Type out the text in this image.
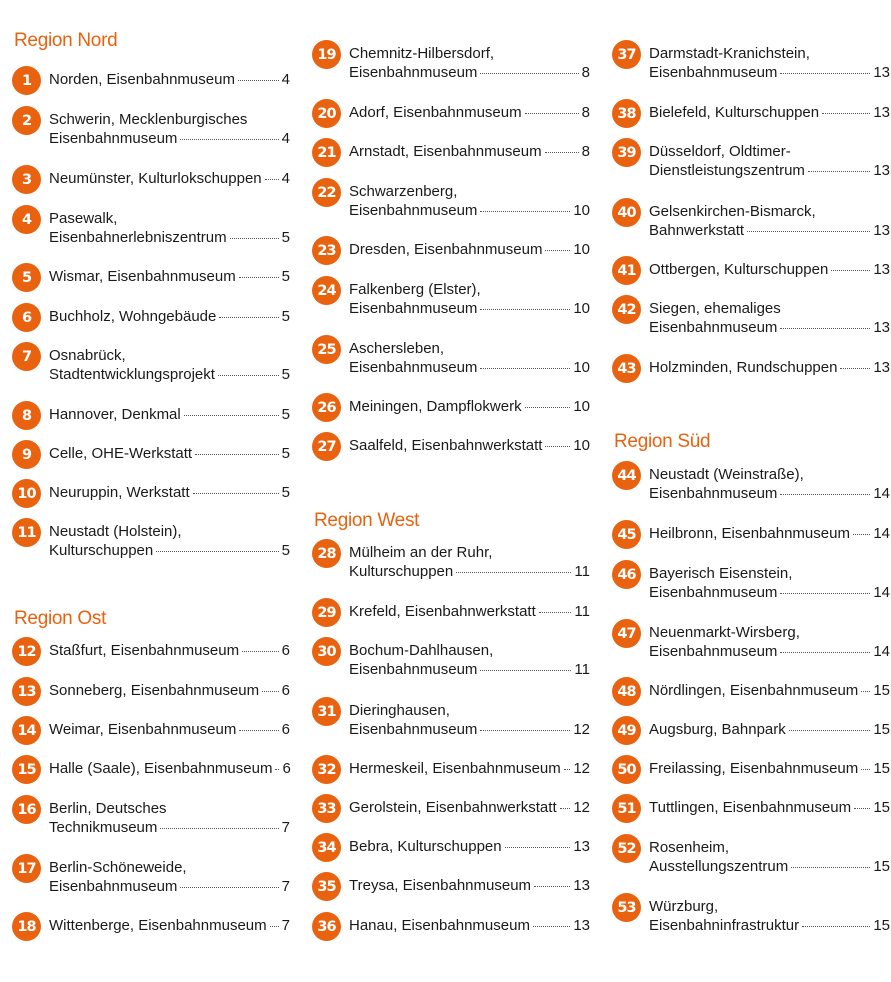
Region Nord
1	Norden, Eisenbahnmuseum	4
2	Schwerin, Mecklenburgisches
Eisenbahnmuseum	4
3	Neumünster, Kulturlokschuppen 4
4	Pasewalk,
Eisenbahnerlebniszentrum	5
5	Wismar, Eisenbahnmuseum	5
6	Buchholz, Wohngebäude	5
7	Osnabrück,
Stadtentwicklungsprojekt	5
8	Hannover, Denkmal	5
9	Celle, OHE-Werkstatt	5
10 Neuruppin, Werkstatt	5
11 Neustadt (Holstein),
Kulturschuppen	5
Region Ost
12 Staßfurt, Eisenbahnmuseum	6
13 Sonneberg, Eisenbahnmuseum 6
14 Weimar, Eisenbahnmuseum	6
15 Halle (Saale), Eisenbahnmuseum 6
16 Berlin, Deutsches
Technikmuseum	7
17 Berlin-Schöneweide,
Eisenbahnmuseum	7
18 Wittenberge, Eisenbahnmuseum 7
19 Chemnitz-Hilbersdorf,
Eisenbahnmuseum	8
20 Adorf, Eisenbahnmuseum	8
21 Arnstadt, Eisenbahnmuseum	8
22 Schwarzenberg,
Eisenbahnmuseum	10
23 Dresden, Eisenbahnmuseum 10
24 Falkenberg (Elster),
Eisenbahnmuseum	10
25 Aschersleben,
Eisenbahnmuseum	10
26 Meiningen, Dampflokwerk	10
27 Saalfeld, Eisenbahnwerkstatt 10
Region West
28 Mülheim an der Ruhr,
Kulturschuppen	11
29 Krefeld, Eisenbahnwerkstatt	11
30 Bochum-Dahlhausen,
Eisenbahnmuseum	11
31 Dieringhausen,
Eisenbahnmuseum	12
32 Hermeskeil, Eisenbahnmuseum 12
33 Gerolstein, Eisenbahnwerkstatt 12
34 Bebra, Kulturschuppen	13
35 Treysa, Eisenbahnmuseum	13
36 Hanau, Eisenbahnmuseum	13
37 Darmstadt-Kranichstein,
Eisenbahnmuseum	13
38 Bielefeld, Kulturschuppen	13
39 Düsseldorf, Oldtimer-
Dienstleistungszentrum	13
40 Gelsenkirchen-Bismarck,
Bahnwerkstatt	13
41 Ottbergen, Kulturschuppen	13
42 Siegen, ehemaliges
Eisenbahnmuseum	13
43 Holzminden, Rundschuppen 13
Region Süd
44 Neustadt (Weinstraße),
Eisenbahnmuseum	14
45 Heilbronn, Eisenbahnmuseum 14
46 Bayerisch Eisenstein,
Eisenbahnmuseum	14
47 Neuenmarkt-Wirsberg,
Eisenbahnmuseum	14
48 Nördlingen, Eisenbahnmuseum 15
49 Augsburg, Bahnpark	15
50 Freilassing, Eisenbahnmuseum 15
51 Tuttlingen, Eisenbahnmuseum 15
52 Rosenheim,
Ausstellungszentrum	15
53 Würzburg,
Eisenbahninfrastruktur	15
